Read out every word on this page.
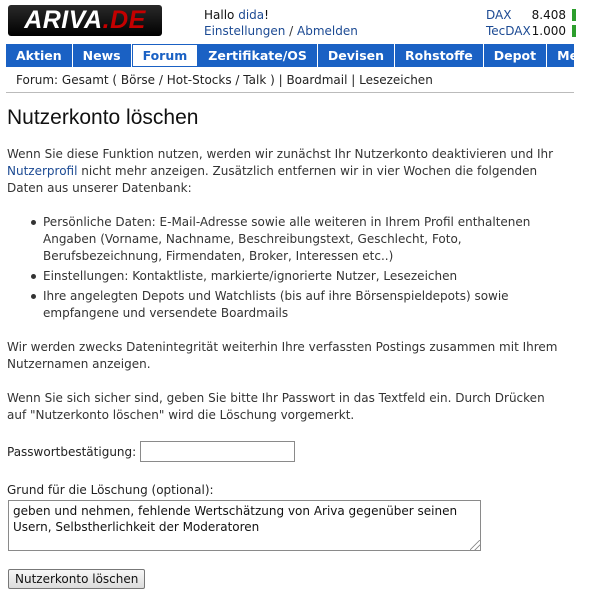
ARIVA.DE	Hallo dida!
Einstellungen / Abmelden
DAX 8.408
TecDAX 1.000
Aktien	News	Forum	Zertifikate/OS	Devisen	Rohstoffe	Depot	Mehr
Forum: Gesamt ( Börse / Hot-Stocks / Talk ) | Boardmail | Lesezeichen
Nutzerkonto löschen

Wenn Sie diese Funktion nutzen, werden wir zunächst Ihr Nutzerkonto deaktivieren und Ihr Nutzerprofil nicht mehr anzeigen. Zusätzlich entfernen wir in vier Wochen die folgenden Daten aus unserer Datenbank:

Persönliche Daten: E-Mail-Adresse sowie alle weiteren in Ihrem Profil enthaltenen Angaben (Vorname, Nachname, Beschreibungstext, Geschlecht, Foto, Berufsbezeichnung, Firmendaten, Broker, Interessen etc..)
Einstellungen: Kontaktliste, markierte/ignorierte Nutzer, Lesezeichen
Ihre angelegten Depots und Watchlists (bis auf ihre Börsenspieldepots) sowie empfangene und versendete Boardmails

Wir werden zwecks Datenintegrität weiterhin Ihre verfassten Postings zusammen mit Ihrem Nutzernamen anzeigen.

Wenn Sie sich sicher sind, geben Sie bitte Ihr Passwort in das Textfeld ein. Durch Drücken auf "Nutzerkonto löschen" wird die Löschung vorgemerkt.

Passwortbestätigung:
Grund für die Löschung (optional):
geben und nehmen, fehlende Wertschätzung von Ariva gegenüber seinen Usern, Selbstherlichkeit der Moderatoren
Nutzerkonto löschen
